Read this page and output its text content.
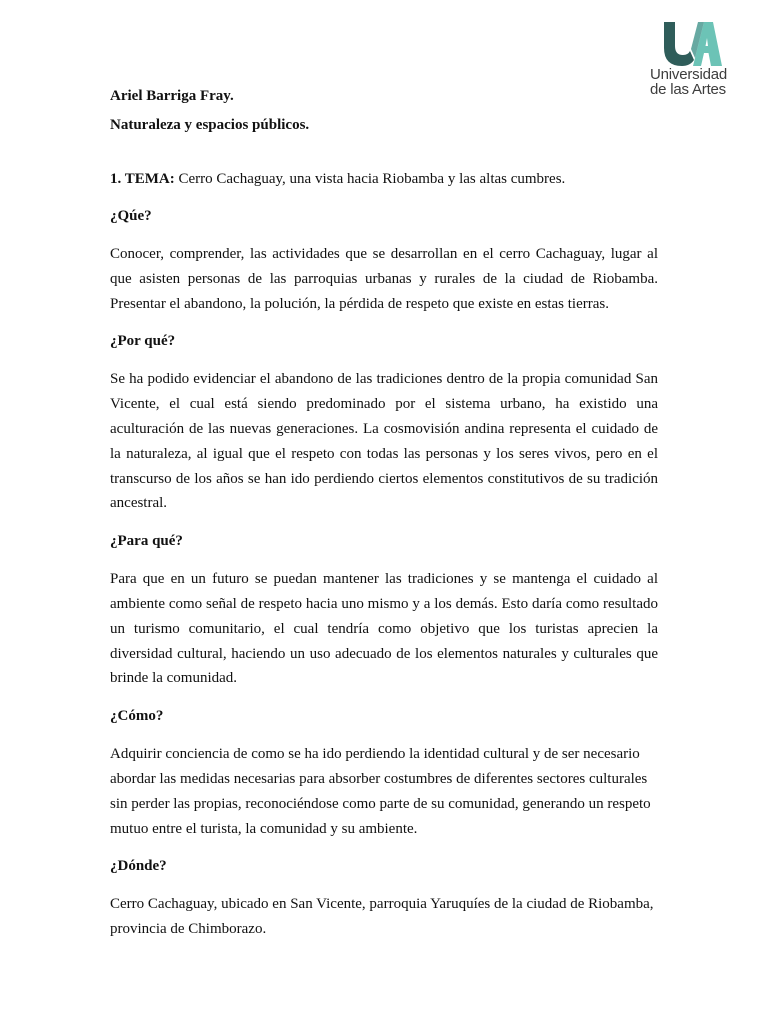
Universidad
de las Artes

Ariel Barriga Fray.

Naturaleza y espacios públicos.

1. TEMA: Cerro Cachaguay, una vista hacia Riobamba y las altas cumbres.

¿Qúe?

Conocer, comprender, las actividades que se desarrollan en el cerro Cachaguay, lugar al que asisten personas de las parroquias urbanas y rurales de la ciudad de Riobamba. Presentar el abandono, la polución, la pérdida de respeto que existe en estas tierras.

¿Por qué?

Se ha podido evidenciar el abandono de las tradiciones dentro de la propia comunidad San Vicente, el cual está siendo predominado por el sistema urbano, ha existido una aculturación de las nuevas generaciones. La cosmovisión andina representa el cuidado de la naturaleza, al igual que el respeto con todas las personas y los seres vivos, pero en el transcurso de los años se han ido perdiendo ciertos elementos constitutivos de su tradición ancestral.

¿Para qué?

Para que en un futuro se puedan mantener las tradiciones y se mantenga el cuidado al ambiente como señal de respeto hacia uno mismo y a los demás. Esto daría como resultado un turismo comunitario, el cual tendría como objetivo que los turistas aprecien la diversidad cultural, haciendo un uso adecuado de los elementos naturales y culturales que brinde la comunidad.

¿Cómo?

Adquirir conciencia de como se ha ido perdiendo la identidad cultural y de ser necesario abordar las medidas necesarias para absorber costumbres de diferentes sectores culturales sin perder las propias, reconociéndose como parte de su comunidad, generando un respeto mutuo entre el turista, la comunidad y su ambiente.

¿Dónde?

Cerro Cachaguay, ubicado en San Vicente, parroquia Yaruquíes de la ciudad de Riobamba, provincia de Chimborazo.
